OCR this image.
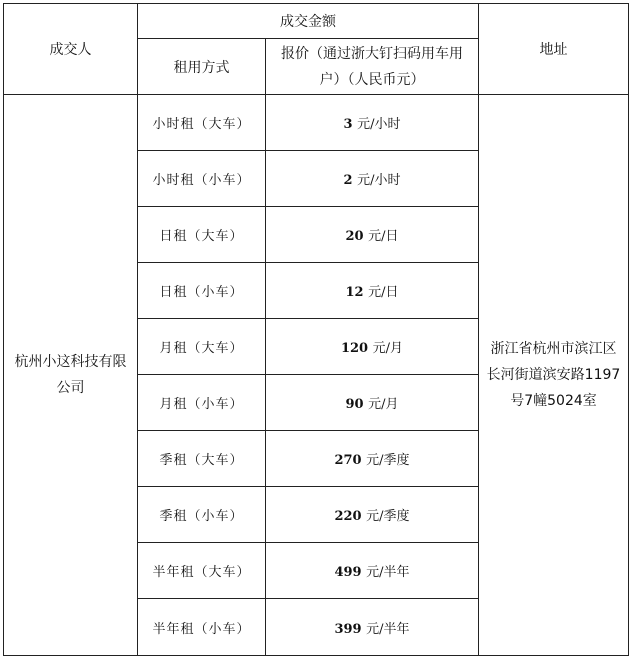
成交人	成交金额		地址
	租用方式	报价（通过浙大钉扫码用车用户）（人民币元）	
杭州小这科技有限公司	小时租（大车）	3 元/小时	浙江省杭州市滨江区长河街道滨安路1197号7幢5024室
	小时租（小车）	2 元/小时	
	日租（大车）	20 元/日	
	日租（小车）	12 元/日	
	月租（大车）	120 元/月	
	月租（小车）	90 元/月	
	季租（大车）	270 元/季度	
	季租（小车）	220 元/季度	
	半年租（大车）	499 元/半年	
	半年租（小车）	399 元/半年	
